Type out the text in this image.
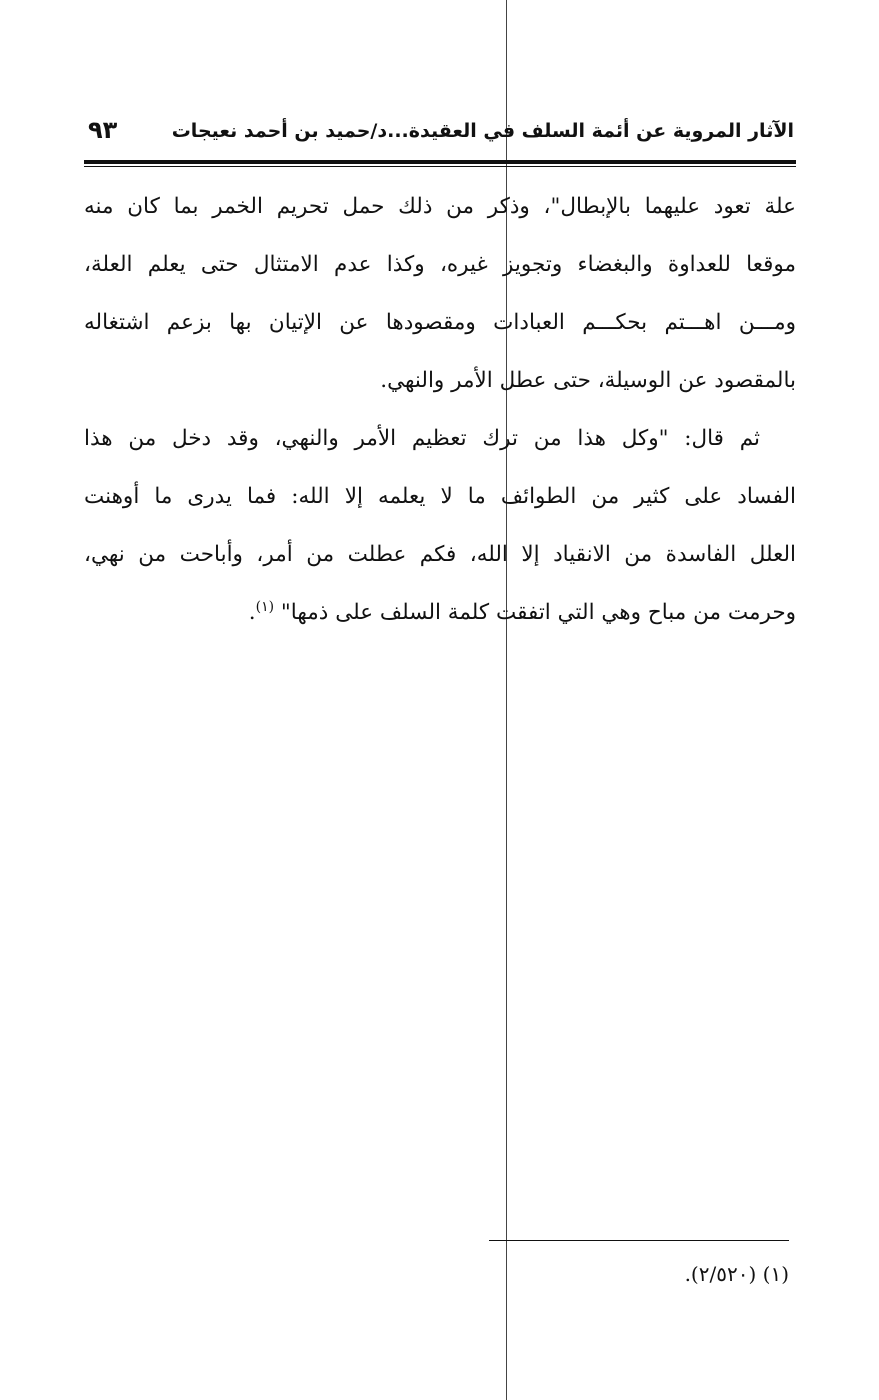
الآثار المروية عن أئمة السلف في العقيدة...د/حميد بن أحمد نعيجات
٩٣
علة تعود عليهما بالإبطال"، وذكر من ذلك حمل تحريم الخمر بما كان منه
موقعا للعداوة والبغضاء وتجويز غيره، وكذا عدم الامتثال حتى يعلم العلة،
ومـــن اهـــتم بحكـــم العبادات ومقصودها عن الإتيان بها بزعم اشتغاله
بالمقصود عن الوسيلة، حتى عطل الأمر والنهي.
ثم قال: "وكل هذا من ترك تعظيم الأمر والنهي، وقد دخل من هذا
الفساد على كثير من الطوائف ما لا يعلمه إلا الله: فما يدرى ما أوهنت
العلل الفاسدة من الانقياد إلا الله، فكم عطلت من أمر، وأباحت من نهي،
وحرمت من مباح وهي التي اتفقت كلمة السلف على ذمها" $^{(١)}$.
(١) (٢/٥٢٠).
